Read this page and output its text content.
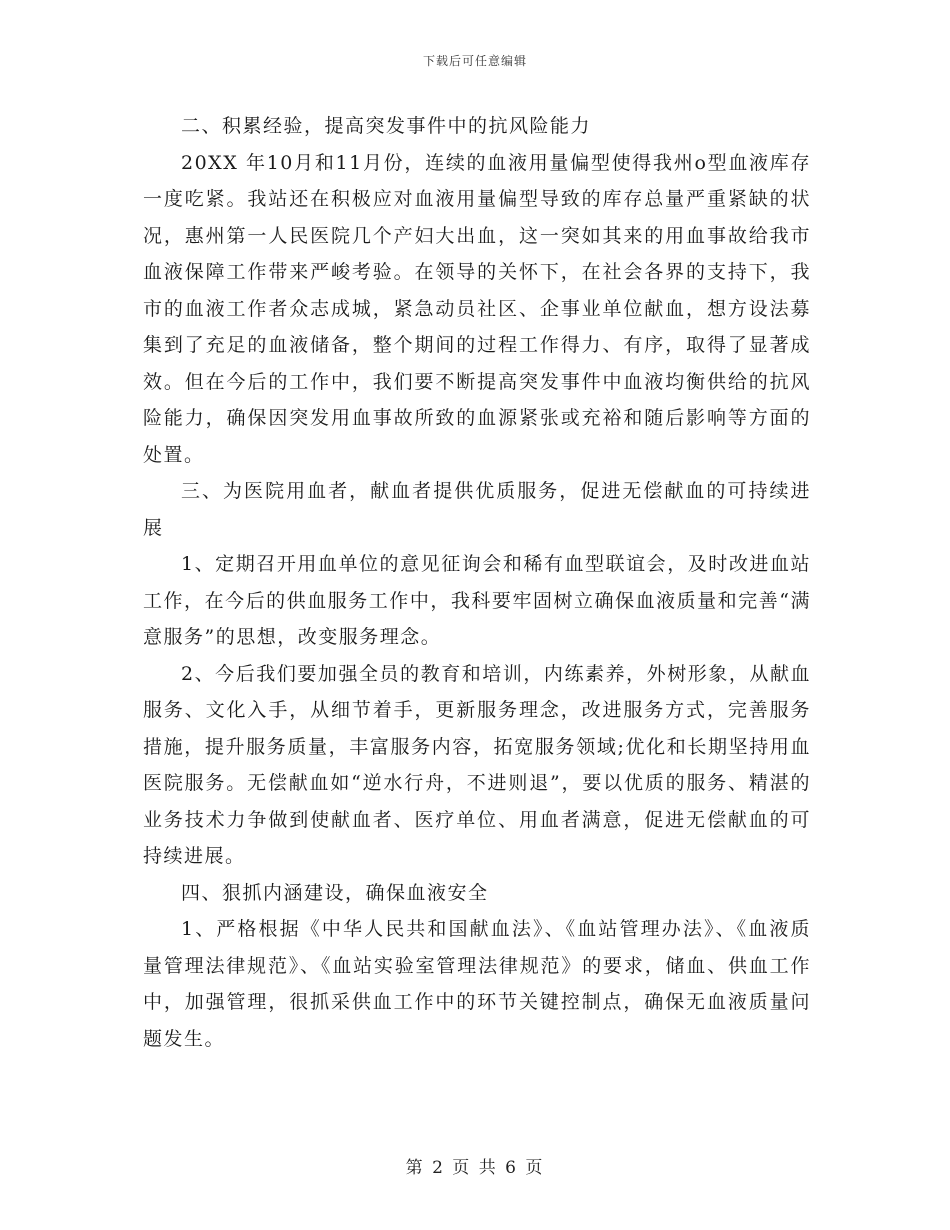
下载后可任意编辑

二、积累经验，提高突发事件中的抗风险能力

20XX 年10月和11月份，连续的血液用量偏型使得我州o型血液库存一度吃紧。我站还在积极应对血液用量偏型导致的库存总量严重紧缺的状况，惠州第一人民医院几个产妇大出血，这一突如其来的用血事故给我市血液保障工作带来严峻考验。在领导的关怀下，在社会各界的支持下，我市的血液工作者众志成城，紧急动员社区、企事业单位献血，想方设法募集到了充足的血液储备，整个期间的过程工作得力、有序，取得了显著成效。但在今后的工作中，我们要不断提高突发事件中血液均衡供给的抗风险能力，确保因突发用血事故所致的血源紧张或充裕和随后影响等方面的处置。

三、为医院用血者，献血者提供优质服务，促进无偿献血的可持续进展

1、定期召开用血单位的意见征询会和稀有血型联谊会，及时改进血站工作，在今后的供血服务工作中，我科要牢固树立确保血液质量和完善“满意服务”的思想，改变服务理念。

2、今后我们要加强全员的教育和培训，内练素养，外树形象，从献血服务、文化入手，从细节着手，更新服务理念，改进服务方式，完善服务措施，提升服务质量，丰富服务内容，拓宽服务领域;优化和长期坚持用血医院服务。无偿献血如“逆水行舟，不进则退”，要以优质的服务、精湛的业务技术力争做到使献血者、医疗单位、用血者满意，促进无偿献血的可持续进展。

四、狠抓内涵建设，确保血液安全

1、严格根据《中华人民共和国献血法》、《血站管理办法》、《血液质量管理法律规范》、《血站实验室管理法律规范》的要求，储血、供血工作中，加强管理，很抓采供血工作中的环节关键控制点，确保无血液质量问题发生。

第 2 页 共 6 页
